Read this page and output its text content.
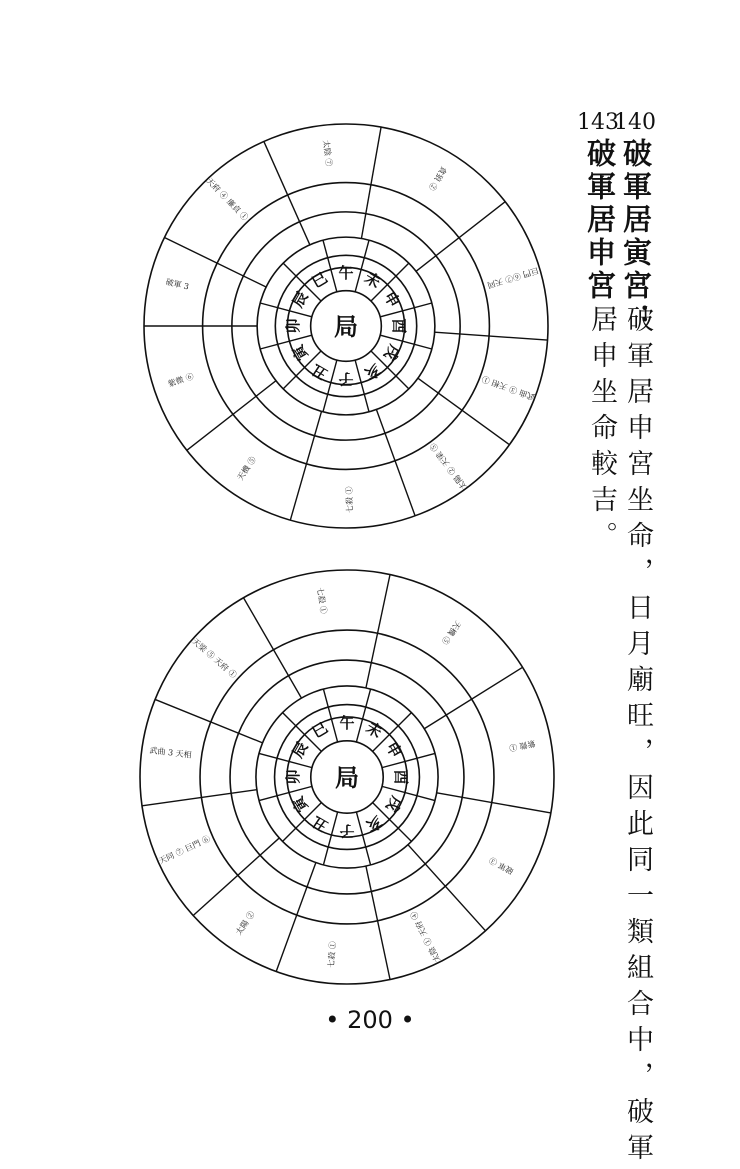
局
巳 午 未
申
酉
戌
亥
子
丑
寅
卯
辰
貪狼 ②
巨門 ⑥⑦ 天同
武曲 ③ 天相 ①
太陽 ② 天梁 ⑤
七殺 ①
天機 ⑤
紫微 ⑥
破軍 3
天府 ④ 廉貞 ①
太陰 ⑦
局
巳 午 未
申
酉
戌
亥
子
丑
寅
卯
辰
天機 ⑤
紫微 ①
破軍 ③
太陰 ① 天府 ④
七殺 ①
太陽 ②
天同 ⑦ 巨門 ⑥
武曲 3 天相
天梁 ⑤ 天府 ①
七殺 ①
140
破軍居寅宮：
破軍居申宮坐命，日月廟旺，因此同一類組合中，破軍
143
破軍居申宮
居申坐命較吉。
• 200 •
